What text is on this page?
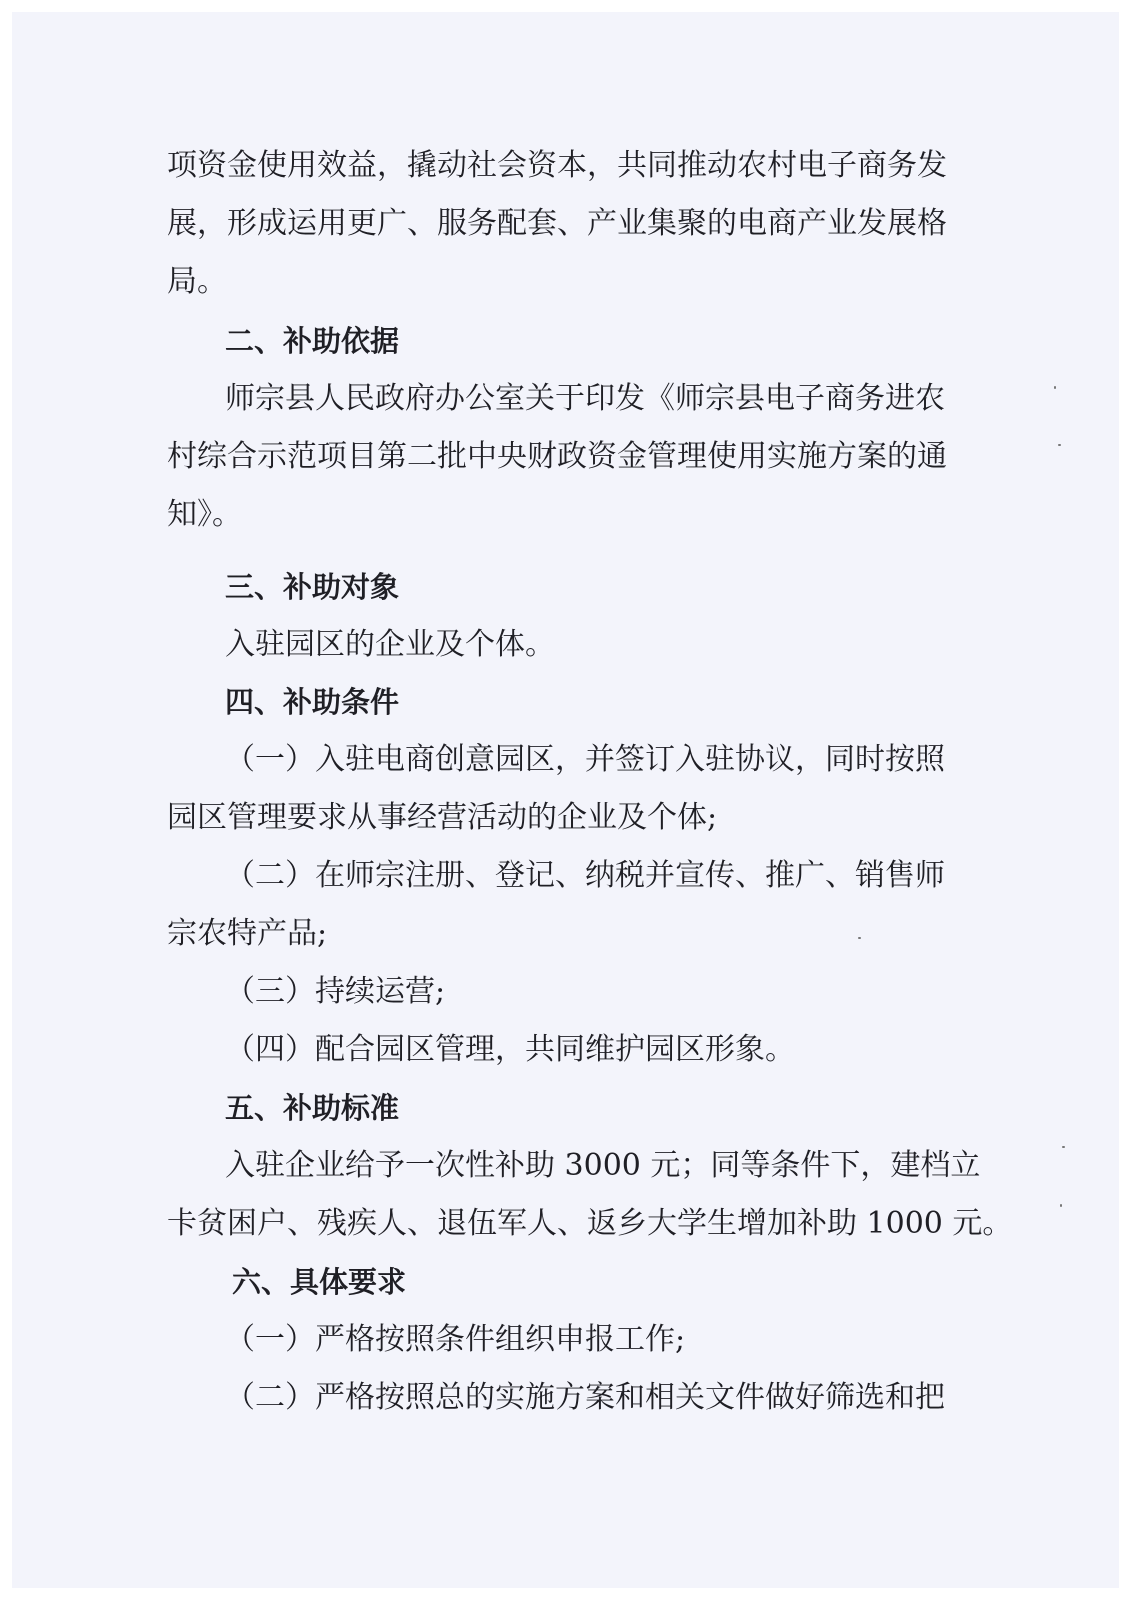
项资金使用效益，撬动社会资本，共同推动农村电子商务发

展，形成运用更广、服务配套、产业集聚的电商产业发展格

局。

二、补助依据

师宗县人民政府办公室关于印发《师宗县电子商务进农

村综合示范项目第二批中央财政资金管理使用实施方案的通

知》。

三、补助对象

入驻园区的企业及个体。

四、补助条件

（一）入驻电商创意园区，并签订入驻协议，同时按照

园区管理要求从事经营活动的企业及个体;

（二）在师宗注册、登记、纳税并宣传、推广、销售师

宗农特产品;

（三）持续运营;

（四）配合园区管理，共同维护园区形象。

五、补助标准

入驻企业给予一次性补助 3000 元；同等条件下，建档立

卡贫困户、残疾人、退伍军人、返乡大学生增加补助 1000 元。

六、具体要求

（一）严格按照条件组织申报工作;

（二）严格按照总的实施方案和相关文件做好筛选和把
